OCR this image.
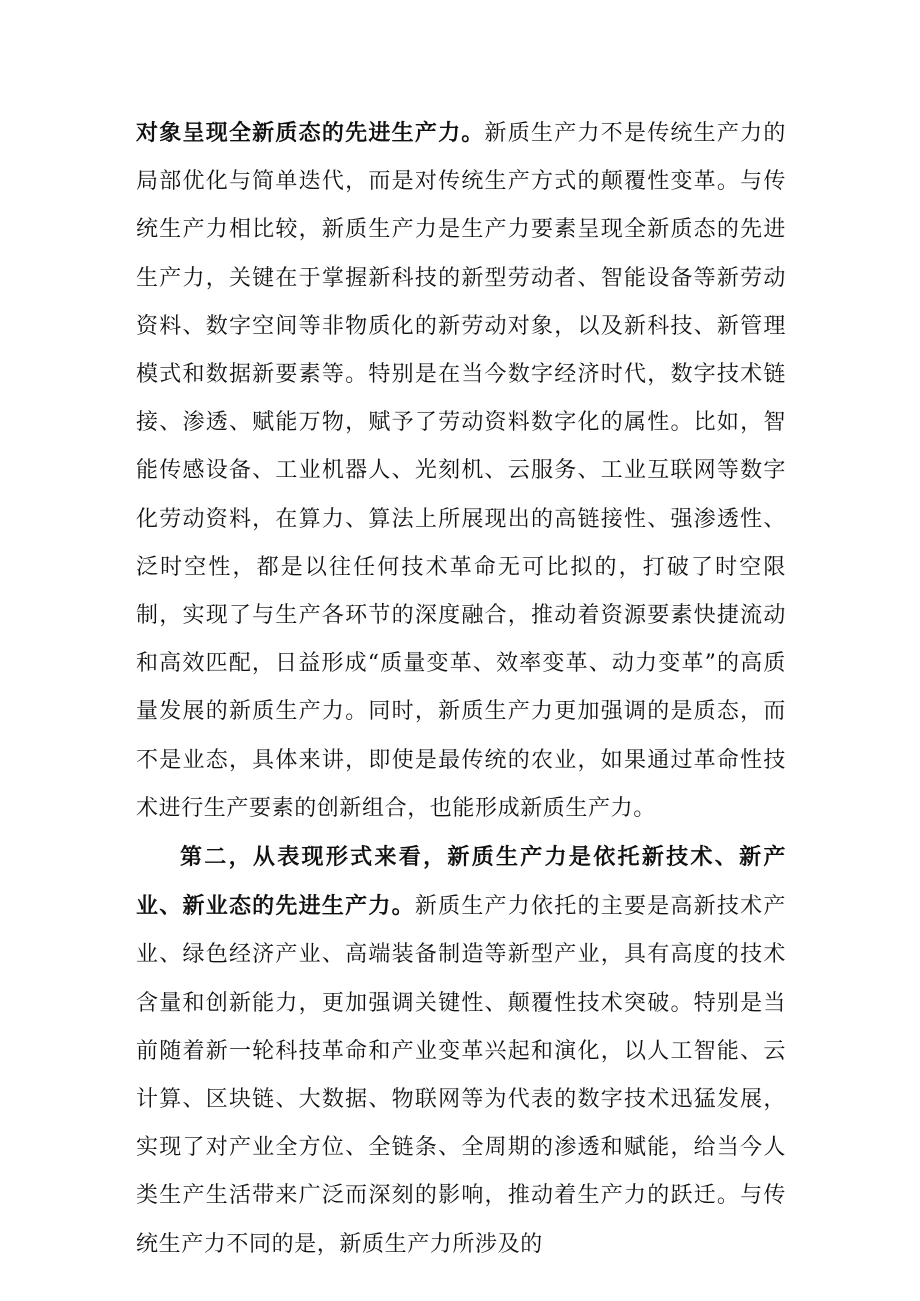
对象呈现全新质态的先进生产力。新质生产力不是传统生产力的局部优化与简单迭代，而是对传统生产方式的颠覆性变革。与传统生产力相比较，新质生产力是生产力要素呈现全新质态的先进生产力，关键在于掌握新科技的新型劳动者、智能设备等新劳动资料、数字空间等非物质化的新劳动对象，以及新科技、新管理模式和数据新要素等。特别是在当今数字经济时代，数字技术链接、渗透、赋能万物，赋予了劳动资料数字化的属性。比如，智能传感设备、工业机器人、光刻机、云服务、工业互联网等数字化劳动资料，在算力、算法上所展现出的高链接性、强渗透性、泛时空性，都是以往任何技术革命无可比拟的，打破了时空限制，实现了与生产各环节的深度融合，推动着资源要素快捷流动和高效匹配，日益形成“质量变革、效率变革、动力变革”的高质量发展的新质生产力。同时，新质生产力更加强调的是质态，而不是业态，具体来讲，即使是最传统的农业，如果通过革命性技术进行生产要素的创新组合，也能形成新质生产力。

第二，从表现形式来看，新质生产力是依托新技术、新产业、新业态的先进生产力。新质生产力依托的主要是高新技术产业、绿色经济产业、高端装备制造等新型产业，具有高度的技术含量和创新能力，更加强调关键性、颠覆性技术突破。特别是当前随着新一轮科技革命和产业变革兴起和演化，以人工智能、云计算、区块链、大数据、物联网等为代表的数字技术迅猛发展，实现了对产业全方位、全链条、全周期的渗透和赋能，给当今人类生产生活带来广泛而深刻的影响，推动着生产力的跃迁。与传统生产力不同的是，新质生产力所涉及的
